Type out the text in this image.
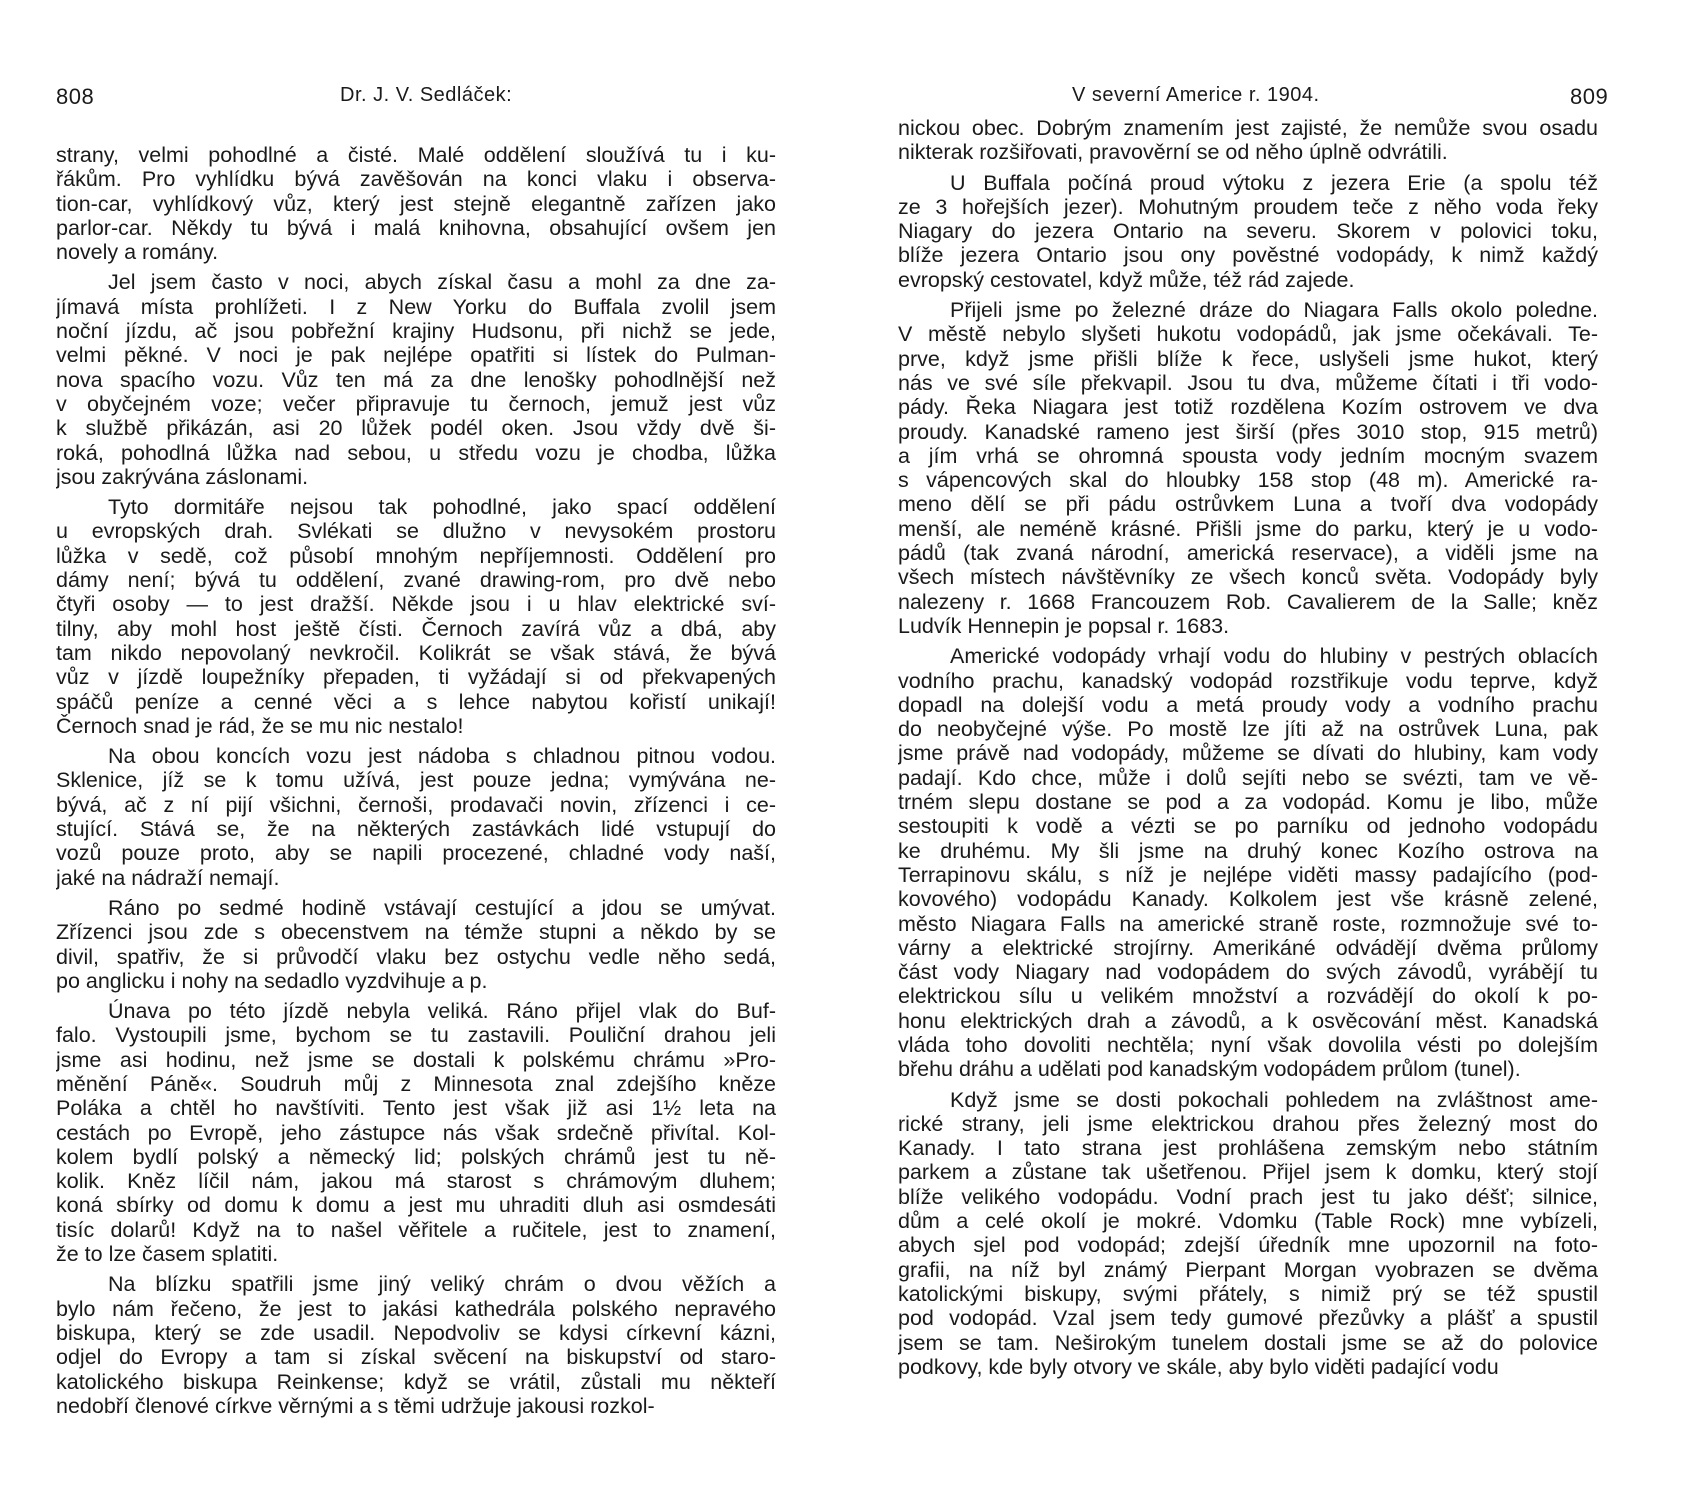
808	Dr. J. V. Sedláček:
strany, velmi pohodlné a čisté. Malé oddělení sloužívá tu i ku-
řákům. Pro vyhlídku bývá zavěšován na konci vlaku i observa-
tion-car, vyhlídkový vůz, který jest stejně elegantně zařízen jako
parlor-car. Někdy tu bývá i malá knihovna, obsahující ovšem jen
novely a romány.
Jel jsem často v noci, abych získal času a mohl za dne za-
jímavá místa prohlížeti. I z New Yorku do Buffala zvolil jsem
noční jízdu, ač jsou pobřežní krajiny Hudsonu, při nichž se jede,
velmi pěkné. V noci je pak nejlépe opatřiti si lístek do Pulman-
nova spacího vozu. Vůz ten má za dne lenošky pohodlnější než
v obyčejném voze; večer připravuje tu černoch, jemuž jest vůz
k službě přikázán, asi 20 lůžek podél oken. Jsou vždy dvě ši-
roká, pohodlná lůžka nad sebou, u středu vozu je chodba, lůžka
jsou zakrývána záslonami.
Tyto dormitáře nejsou tak pohodlné, jako spací oddělení
u evropských drah. Svlékati se dlužno v nevysokém prostoru
lůžka v sedě, což působí mnohým nepříjemnosti. Oddělení pro
dámy není; bývá tu oddělení, zvané drawing-rom, pro dvě nebo
čtyři osoby — to jest dražší. Někde jsou i u hlav elektrické sví-
tilny, aby mohl host ještě čísti. Černoch zavírá vůz a dbá, aby
tam nikdo nepovolaný nevkročil. Kolikrát se však stává, že bývá
vůz v jízdě loupežníky přepaden, ti vyžádají si od překvapených
spáčů peníze a cenné věci a s lehce nabytou kořistí unikají!
Černoch snad je rád, že se mu nic nestalo!
Na obou koncích vozu jest nádoba s chladnou pitnou vodou.
Sklenice, jíž se k tomu užívá, jest pouze jedna; vymývána ne-
bývá, ač z ní pijí všichni, černoši, prodavači novin, zřízenci i ce-
stující. Stává se, že na některých zastávkách lidé vstupují do
vozů pouze proto, aby se napili procezené, chladné vody naší,
jaké na nádraží nemají.
Ráno po sedmé hodině vstávají cestující a jdou se umývat.
Zřízenci jsou zde s obecenstvem na témže stupni a někdo by se
divil, spatřiv, že si průvodčí vlaku bez ostychu vedle něho sedá,
po anglicku i nohy na sedadlo vyzdvihuje a p.
Únava po této jízdě nebyla veliká. Ráno přijel vlak do Buf-
falo. Vystoupili jsme, bychom se tu zastavili. Pouliční drahou jeli
jsme asi hodinu, než jsme se dostali k polskému chrámu »Pro-
měnění Páně«. Soudruh můj z Minnesota znal zdejšího kněze
Poláka a chtěl ho navštíviti. Tento jest však již asi 1½ leta na
cestách po Evropě, jeho zástupce nás však srdečně přivítal. Kol-
kolem bydlí polský a německý lid; polských chrámů jest tu ně-
kolik. Kněz líčil nám, jakou má starost s chrámovým dluhem;
koná sbírky od domu k domu a jest mu uhraditi dluh asi osmdesáti
tisíc dolarů! Když na to našel věřitele a ručitele, jest to znamení,
že to lze časem splatiti.
Na blízku spatřili jsme jiný veliký chrám o dvou věžích a
bylo nám řečeno, že jest to jakási kathedrála polského nepravého
biskupa, který se zde usadil. Nepodvoliv se kdysi církevní kázni,
odjel do Evropy a tam si získal svěcení na biskupství od staro-
katolického biskupa Reinkense; když se vrátil, zůstali mu někteří
nedobří členové církve věrnými a s těmi udržuje jakousi rozkol-
V severní Americe r. 1904.	809
nickou obec. Dobrým znamením jest zajisté, že nemůže svou osadu
nikterak rozšiřovati, pravověrní se od něho úplně odvrátili.
U Buffala počíná proud výtoku z jezera Erie (a spolu též
ze 3 hořejších jezer). Mohutným proudem teče z něho voda řeky
Niagary do jezera Ontario na severu. Skorem v polovici toku,
blíže jezera Ontario jsou ony pověstné vodopády, k nimž každý
evropský cestovatel, když může, též rád zajede.
Přijeli jsme po železné dráze do Niagara Falls okolo poledne.
V městě nebylo slyšeti hukotu vodopádů, jak jsme očekávali. Te-
prve, když jsme přišli blíže k řece, uslyšeli jsme hukot, který
nás ve své síle překvapil. Jsou tu dva, můžeme čítati i tři vodo-
pády. Řeka Niagara jest totiž rozdělena Kozím ostrovem ve dva
proudy. Kanadské rameno jest širší (přes 3010 stop, 915 metrů)
a jím vrhá se ohromná spousta vody jedním mocným svazem
s vápencových skal do hloubky 158 stop (48 m). Americké ra-
meno dělí se při pádu ostrůvkem Luna a tvoří dva vodopády
menší, ale neméně krásné. Přišli jsme do parku, který je u vodo-
pádů (tak zvaná národní, americká reservace), a viděli jsme na
všech místech návštěvníky ze všech konců světa. Vodopády byly
nalezeny r. 1668 Francouzem Rob. Cavalierem de la Salle; kněz
Ludvík Hennepin je popsal r. 1683.
Americké vodopády vrhají vodu do hlubiny v pestrých oblacích
vodního prachu, kanadský vodopád rozstřikuje vodu teprve, když
dopadl na dolejší vodu a metá proudy vody a vodního prachu
do neobyčejné výše. Po mostě lze jíti až na ostrůvek Luna, pak
jsme právě nad vodopády, můžeme se dívati do hlubiny, kam vody
padají. Kdo chce, může i dolů sejíti nebo se svézti, tam ve vě-
trném slepu dostane se pod a za vodopád. Komu je libo, může
sestoupiti k vodě a vézti se po parníku od jednoho vodopádu
ke druhému. My šli jsme na druhý konec Kozího ostrova na
Terrapinovu skálu, s níž je nejlépe viděti massy padajícího (pod-
kovového) vodopádu Kanady. Kolkolem jest vše krásně zelené,
město Niagara Falls na americké straně roste, rozmnožuje své to-
várny a elektrické strojírny. Amerikáné odvádějí dvěma průlomy
část vody Niagary nad vodopádem do svých závodů, vyrábějí tu
elektrickou sílu u velikém množství a rozvádějí do okolí k po-
honu elektrických drah a závodů, a k osvěcování měst. Kanadská
vláda toho dovoliti nechtěla; nyní však dovolila vésti po dolejším
břehu dráhu a udělati pod kanadským vodopádem průlom (tunel).
Když jsme se dosti pokochali pohledem na zvláštnost ame-
rické strany, jeli jsme elektrickou drahou přes železný most do
Kanady. I tato strana jest prohlášena zemským nebo státním
parkem a zůstane tak ušetřenou. Přijel jsem k domku, který stojí
blíže velikého vodopádu. Vodní prach jest tu jako déšť; silnice,
dům a celé okolí je mokré. Vdomku (Table Rock) mne vybízeli,
abych sjel pod vodopád; zdejší úředník mne upozornil na foto-
grafii, na níž byl známý Pierpant Morgan vyobrazen se dvěma
katolickými biskupy, svými přátely, s nimiž prý se též spustil
pod vodopád. Vzal jsem tedy gumové přezůvky a plášť a spustil
jsem se tam. Neširokým tunelem dostali jsme se až do polovice
podkovy, kde byly otvory ve skále, aby bylo viděti padající vodu
